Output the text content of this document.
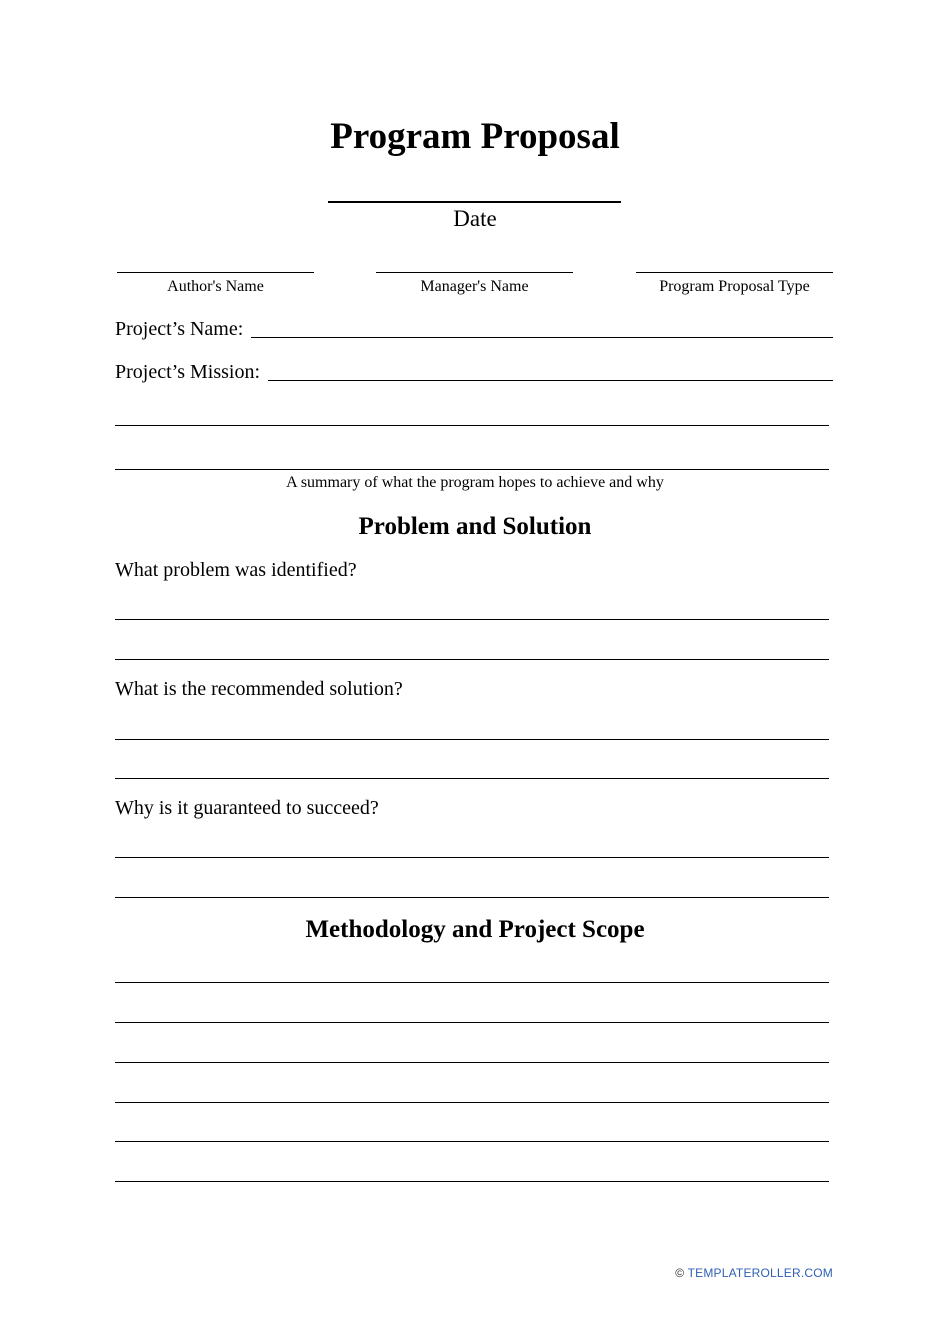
Program Proposal
Date
Author's Name	Manager's Name	Program Proposal Type
Project’s Name:
Project’s Mission:
A summary of what the program hopes to achieve and why
Problem and Solution
What problem was identified?
What is the recommended solution?
Why is it guaranteed to succeed?
Methodology and Project Scope
© TEMPLATEROLLER.COM
